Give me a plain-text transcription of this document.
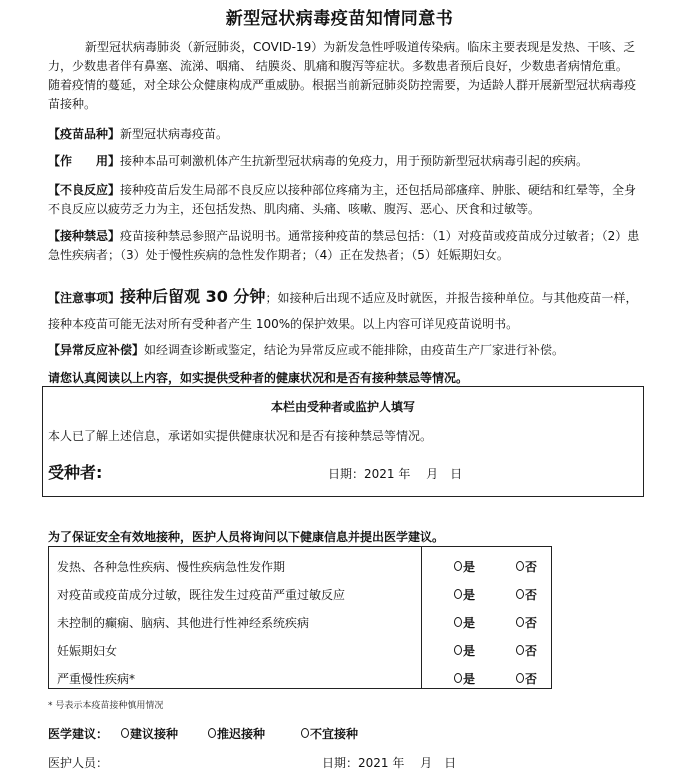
新型冠状病毒疫苗知情同意书
新型冠状病毒肺炎（新冠肺炎，COVID-19）为新发急性呼吸道传染病。临床主要表现是发热、干咳、乏力，少数患者伴有鼻塞、流涕、咽痛、 结膜炎、肌痛和腹泻等症状。多数患者预后良好，少数患者病情危重。随着疫情的蔓延，对全球公众健康构成严重威胁。根据当前新冠肺炎防控需要，为适龄人群开展新型冠状病毒疫苗接种。
【疫苗品种】新型冠状病毒疫苗。
【作　　用】接种本品可刺激机体产生抗新型冠状病毒的免疫力，用于预防新型冠状病毒引起的疾病。
【不良反应】接种疫苗后发生局部不良反应以接种部位疼痛为主，还包括局部瘙痒、肿胀、硬结和红晕等，全身不良反应以疲劳乏力为主，还包括发热、肌肉痛、头痛、咳嗽、腹泻、恶心、厌食和过敏等。
【接种禁忌】疫苗接种禁忌参照产品说明书。通常接种疫苗的禁忌包括：（1）对疫苗或疫苗成分过敏者；（2）患急性疾病者；（3）处于慢性疾病的急性发作期者；（4）正在发热者；（5）妊娠期妇女。
【注意事项】接种后留观 30 分钟；如接种后出现不适应及时就医，并报告接种单位。与其他疫苗一样，接种本疫苗可能无法对所有受种者产生 100%的保护效果。以上内容可详见疫苗说明书。
【异常反应补偿】如经调查诊断或鉴定，结论为异常反应或不能排除，由疫苗生产厂家进行补偿。
请您认真阅读以上内容，如实提供受种者的健康状况和是否有接种禁忌等情况。
本栏由受种者或监护人填写
本人已了解上述信息，承诺如实提供健康状况和是否有接种禁忌等情况。
受种者:	日期：2021 年　 月　日
为了保证安全有效地接种，医护人员将询问以下健康信息并提出医学建议。
发热、各种急性疾病、慢性疾病急性发作期	是	否
对疫苗或疫苗成分过敏，既往发生过疫苗严重过敏反应	是	否
未控制的癫痫、脑病、其他进行性神经系统疾病	是	否
妊娠期妇女	是	否
严重慢性疾病*	是	否
* 号表示本疫苗接种慎用情况
医学建议：	建议接种	推迟接种	不宜接种
医护人员：	日期：2021 年　 月　日
